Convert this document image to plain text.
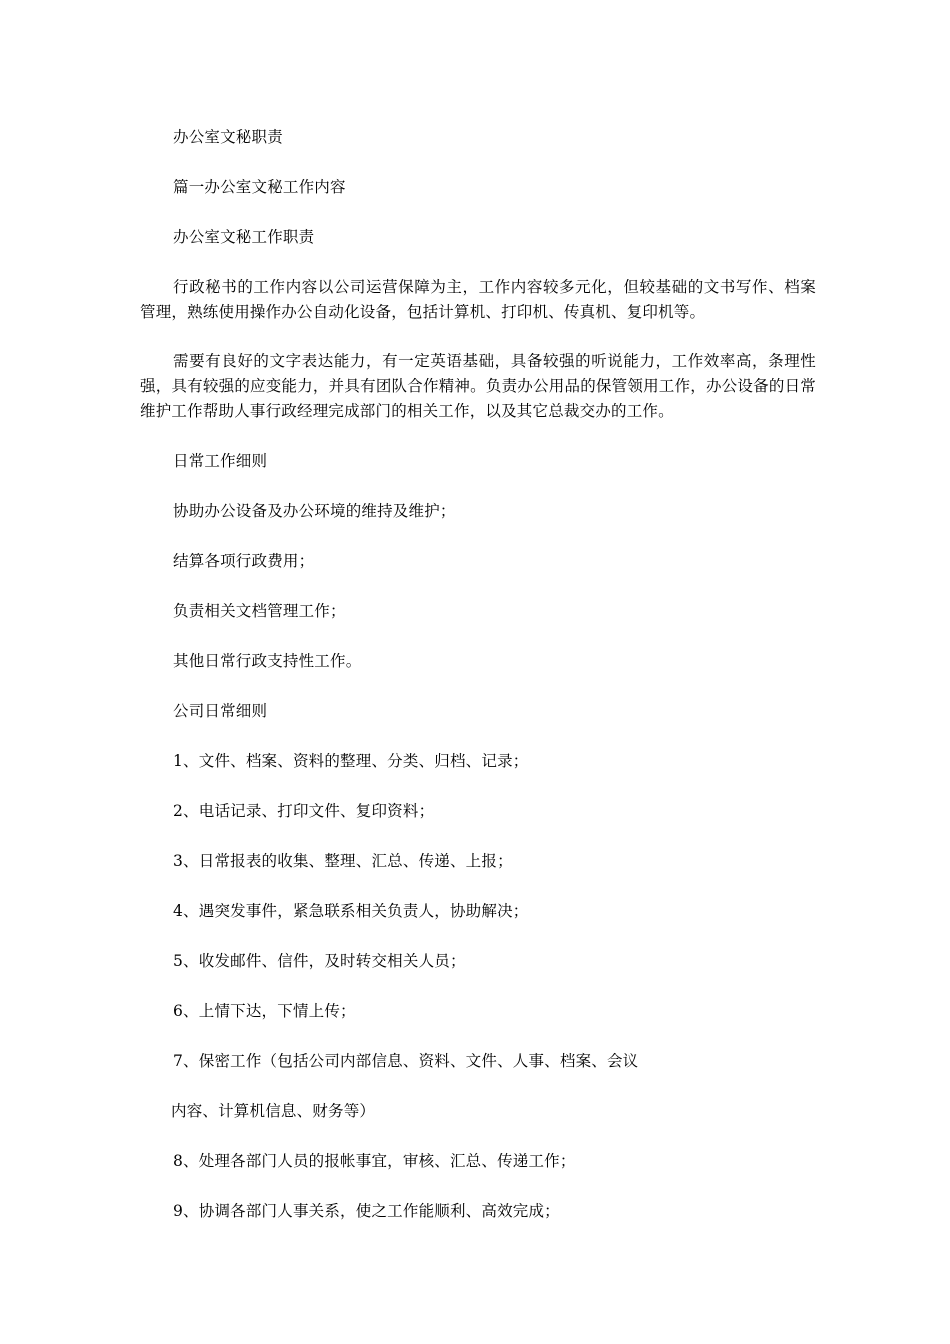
办公室文秘职责
篇一办公室文秘工作内容
办公室文秘工作职责
行政秘书的工作内容以公司运营保障为主，工作内容较多元化，但较基础的文书写作、档案管理，熟练使用操作办公自动化设备，包括计算机、打印机、传真机、复印机等。
需要有良好的文字表达能力，有一定英语基础，具备较强的听说能力，工作效率高，条理性强，具有较强的应变能力，并具有团队合作精神。负责办公用品的保管领用工作，办公设备的日常维护工作帮助人事行政经理完成部门的相关工作，以及其它总裁交办的工作。
日常工作细则
协助办公设备及办公环境的维持及维护；
结算各项行政费用；
负责相关文档管理工作；
其他日常行政支持性工作。
公司日常细则
1、文件、档案、资料的整理、分类、归档、记录；
2、电话记录、打印文件、复印资料；
3、日常报表的收集、整理、汇总、传递、上报；
4、遇突发事件，紧急联系相关负责人，协助解决；
5、收发邮件、信件，及时转交相关人员；
6、上情下达，下情上传；
7、保密工作（包括公司内部信息、资料、文件、人事、档案、会议
内容、计算机信息、财务等）
8、处理各部门人员的报帐事宜，审核、汇总、传递工作；
9、协调各部门人事关系，使之工作能顺利、高效完成；
